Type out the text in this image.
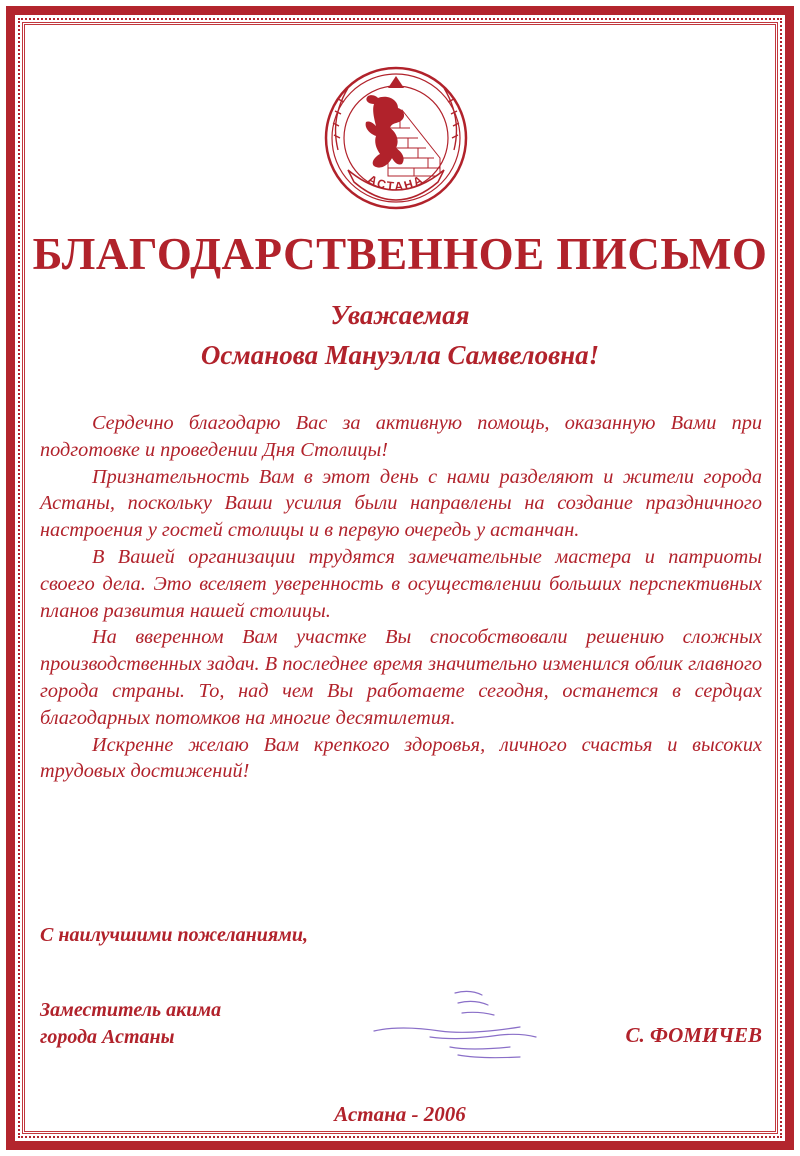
АСТАНА
БЛАГОДАРСТВЕННОЕ ПИСЬМО

Уважаемая

Османова Мануэлла Самвеловна!

Сердечно благодарю Вас за активную помощь, оказанную Вами при подготовке и проведении Дня Столицы!

Признательность Вам в этот день с нами разделяют и жители города Астаны, поскольку Ваши усилия были направлены на создание праздничного настроения у гостей столицы и в первую очередь у астанчан.

В Вашей организации трудятся замечательные мастера и патриоты своего дела. Это вселяет уверенность в осуществлении больших перспективных планов развития нашей столицы.

На вверенном Вам участке Вы способствовали решению сложных производственных задач. В последнее время значительно изменился облик главного города страны. То, над чем Вы работаете сегодня, останется в сердцах благодарных потомков на многие десятилетия.

Искренне желаю Вам крепкого здоровья, личного счастья и высоких трудовых достижений!

С наилучшими пожеланиями,

Заместитель акима
города Астаны	С. ФОМИЧЕВ

Астана - 2006
